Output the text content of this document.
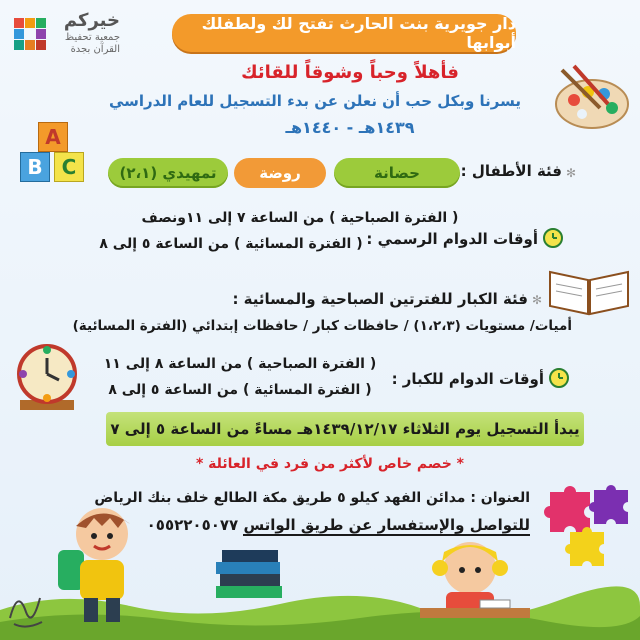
خيركم
جمعية تحفيظ
القرآن بجدة
دار جويرية بنت الحارث تفتح لك ولطفلك أبوابها
فأهلاً وحباً وشوقاً للقائك
يسرنا وبكل حب أن نعلن عن بدء التسجيل للعام الدراسي
١٤٣٩هـ - ١٤٤٠هـ
A
B C	✻
فئة الأطفال :
حضانة
روضة
تمهيدي (٢،١)
أوقات الدوام الرسمي :
( الفترة الصباحية ) من الساعة ٧ إلى ١١ونصف
( الفترة المسائية ) من الساعة ٥ إلى ٨
✻
فئة الكبار للفترتين الصباحية والمسائية :
أميات/ مستويات (١،٢،٣) / حافظات كبار / حافظات إبتدائي (الفترة المسائية)
أوقات الدوام للكبار :
( الفترة الصباحية ) من الساعة ٨ إلى ١١
( الفترة المسائية ) من الساعة ٥ إلى ٨
يبدأ التسجيل يوم الثلاثاء ١٤٣٩/١٢/١٧هـ مساءً من الساعة ٥ إلى ٧
* خصم خاص لأكثر من فرد في العائلة *
العنوان : مدائن الفهد كيلو ٥ طريق مكة الطالع خلف بنك الرياض
للتواصل والإستفسار عن طريق الواتس ٠٥٥٢٢٠٥٠٧٧
